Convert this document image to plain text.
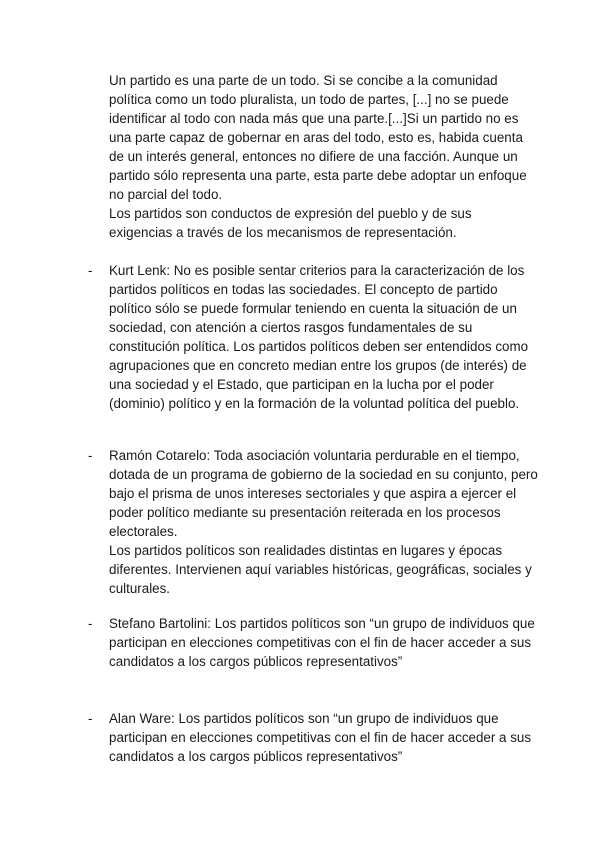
Un partido es una parte de un todo. Si se concibe a la comunidad política como un todo pluralista, un todo de partes, [...] no se puede identificar al todo con nada más que una parte.[...]Si un partido no es una parte capaz de gobernar en aras del todo, esto es, habida cuenta de un interés general, entonces no difiere de una facción. Aunque un partido sólo representa una parte, esta parte debe adoptar un enfoque no parcial del todo.

Los partidos son conductos de expresión del pueblo y de sus exigencias a través de los mecanismos de representación.

-	Kurt Lenk: No es posible sentar criterios para la caracterización de los partidos políticos en todas las sociedades. El concepto de partido político sólo se puede formular teniendo en cuenta la situación de un sociedad, con atención a ciertos rasgos fundamentales de su constitución política. Los partidos políticos deben ser entendidos como agrupaciones que en concreto median entre los grupos (de interés) de una sociedad y el Estado, que participan en la lucha por el poder (dominio) político y en la formación de la voluntad política del pueblo.

-	Ramón Cotarelo: Toda asociación voluntaria perdurable en el tiempo, dotada de un programa de gobierno de la sociedad en su conjunto, pero bajo el prisma de unos intereses sectoriales y que aspira a ejercer el poder político mediante su presentación reiterada en los procesos electorales.

Los partidos políticos son realidades distintas en lugares y épocas diferentes. Intervienen aquí variables históricas, geográficas, sociales y culturales.

-	Stefano Bartolini: Los partidos políticos son “un grupo de individuos que participan en elecciones competitivas con el fin de hacer acceder a sus candidatos a los cargos públicos representativos”

-	Alan Ware: Los partidos políticos son “un grupo de individuos que participan en elecciones competitivas con el fin de hacer acceder a sus candidatos a los cargos públicos representativos”
